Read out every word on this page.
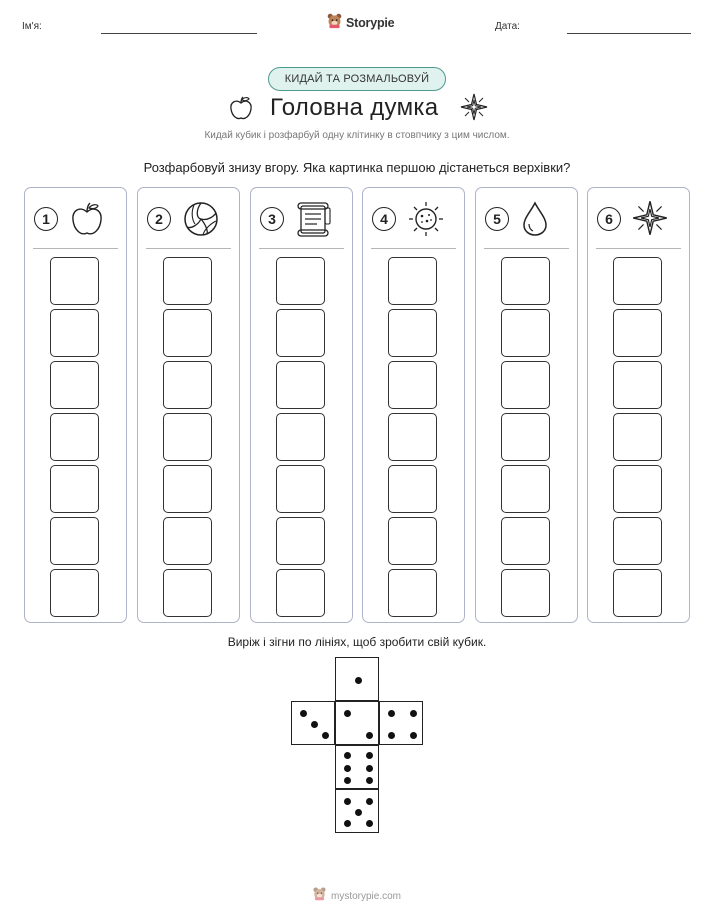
Ім'я:	Дата:
Storypie
КИДАЙ ТА РОЗМАЛЬОВУЙ
Головна думка
Кидай кубик і розфарбуй одну клітинку в стовпчику з цим числом.
Розфарбовуй знизу вгору. Яка картинка першою дістанеться верхівки?
1	2	3	4	5	6
Виріж і зігни по лініях, щоб зробити свій кубик.
mystorypie.com
